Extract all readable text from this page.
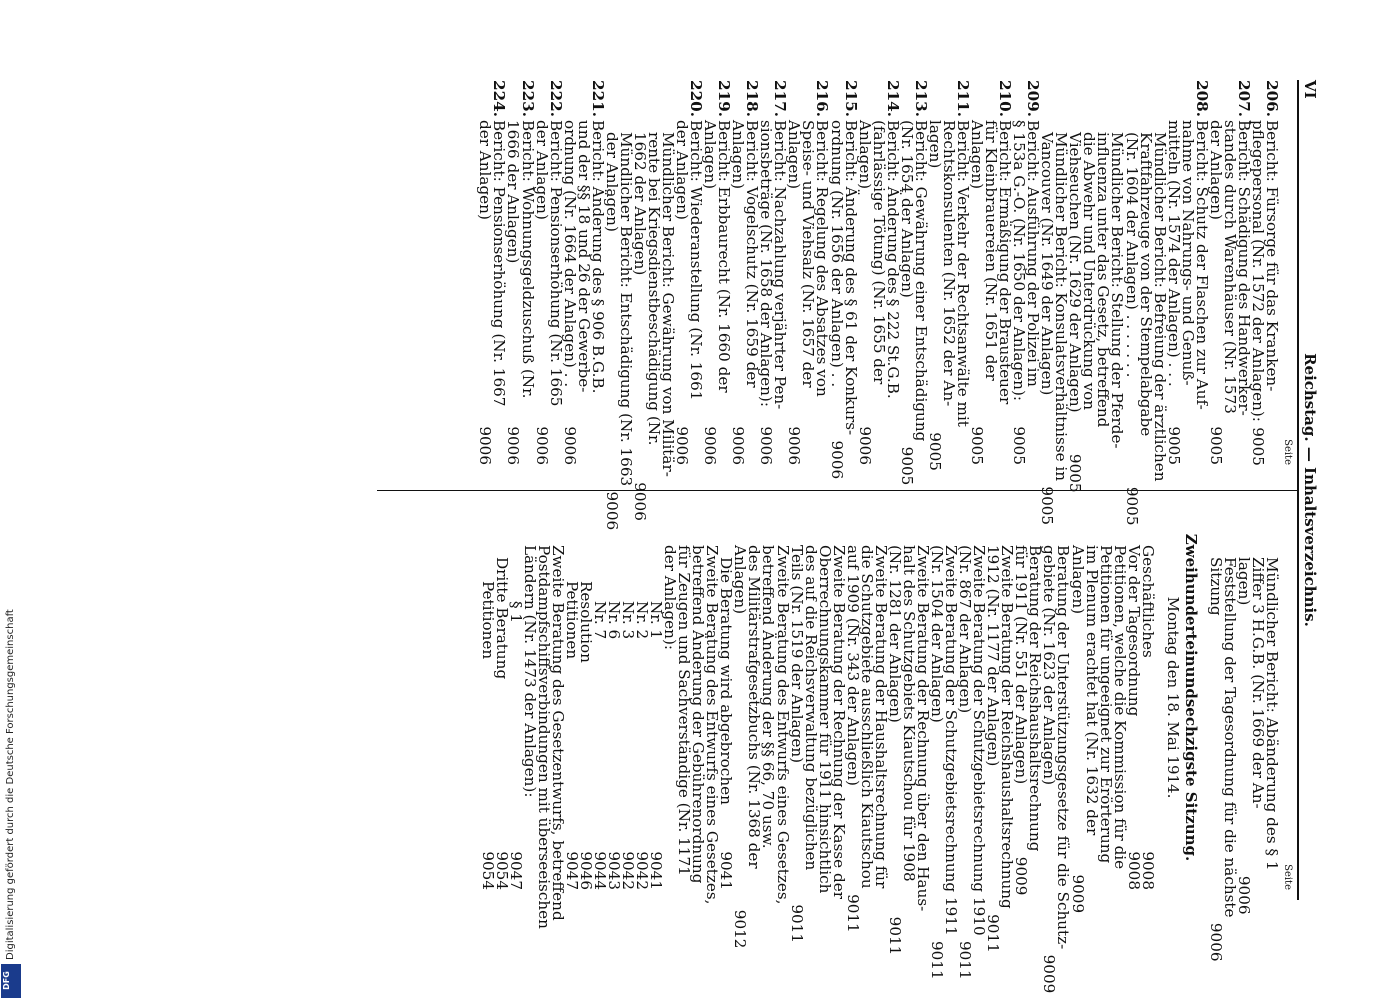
VI
Reichstag. — Inhaltsverzeichnis.
Seite
206.
Bericht: Fürsorge für das Kranken-
pflegepersonal (Nr. 1572 der Anlagen):
9005
207.
Bericht: Schädigung des Handwerker-
standes durch Warenhäuser (Nr. 1573
der Anlagen)
9005
208.
Bericht: Schutz der Flaschen zur Auf-
nahme von Nahrungs- und Genuß-
mitteln (Nr. 1574 der Anlagen) . . .
9005
Mündlicher Bericht: Befreiung der ärztlichen
Kraftfahrzeuge von der Stempelabgabe
(Nr. 1604 der Anlagen) . . . . . . .
9005
Mündlicher Bericht: Stellung der Pferde-
influenza unter das Gesetz, betreffend
die Abwehr und Unterdrückung von
Viehseuchen (Nr. 1629 der Anlagen)
9005
Mündlicher Bericht: Konsulatsverhältnisse in
Vancouver (Nr. 1649 der Anlagen)
9005
209.
Bericht: Ausführung der Polizei im
§ 153a G.-O. (Nr. 1650 der Anlagen):
9005
210.
Bericht: Ermäßigung der Brausteuer
für Kleinbrauereien (Nr. 1651 der
Anlagen)
9005
211.
Bericht: Verkehr der Rechtsanwälte mit
Rechtskonsulenten (Nr. 1652 der An-
lagen)
9005
213.
Bericht: Gewährung einer Entschädigung
(Nr. 1654 der Anlagen)
9005
214.
Bericht: Änderung des § 222 St.G.B.
(fahrlässige Tötung) (Nr. 1655 der
Anlagen)
9006
215.
Bericht: Änderung des § 61 der Konkurs-
ordnung (Nr. 1656 der Anlagen) . .
9006
216.
Bericht: Regelung des Absatzes von
Speise- und Viehsalz (Nr. 1657 der
Anlagen)
9006
217.
Bericht: Nachzahlung verjährter Pen-
sionsbeträge (Nr. 1658 der Anlagen):
9006
218.
Bericht: Vogelschutz (Nr. 1659 der
Anlagen)
9006
219.
Bericht: Erbbaurecht (Nr. 1660 der
Anlagen)
9006
220.
Bericht: Wiederanstellung (Nr. 1661
der Anlagen)
9006
Mündlicher Bericht: Gewährung von Militär-
rente bei Kriegsdienstbeschädigung (Nr.
1662 der Anlagen)
9006
Mündlicher Bericht: Entschädigung (Nr. 1663
der Anlagen)
9006
221.
Bericht: Änderung des § 906 B.G.B.
und der §§ 18 und 26 der Gewerbe-
ordnung (Nr. 1664 der Anlagen) . .
9006
222.
Bericht: Pensionserhöhung (Nr. 1665
der Anlagen)
9006
223.
Bericht: Wohnungsgeldzuschuß (Nr.
1666 der Anlagen)
9006
224.
Bericht: Pensionserhöhung (Nr. 1667
der Anlagen)
9006
Seite
Mündlicher Bericht: Abänderung des § 1
Ziffer 3 H.G.B. (Nr. 1669 der An-
lagen)
9006
Feststellung der Tagesordnung für die nächste
Sitzung
9006
Zweihunderteinundsechzigste Sitzung.
Montag den 18. Mai 1914.
Geschäftliches
9008
Vor der Tagesordnung
9008
Petitionen, welche die Kommission für die
Petitionen für ungeeignet zur Erörterung
im Plenum erachtet hat (Nr. 1632 der
Anlagen)
9009
Beratung der Unterstützungsgesetze für die Schutz-
gebiete (Nr. 1623 der Anlagen)
9009
Beratung der Reichshaushaltsrechnung
für 1911 (Nr. 551 der Anlagen)
9009
Zweite Beratung der Reichshaushaltsrechnung
1912 (Nr. 1177 der Anlagen)
9011
Zweite Beratung der Schutzgebietsrechnung 1910
(Nr. 867 der Anlagen)
9011
Zweite Beratung der Schutzgebietsrechnung 1911
(Nr. 1504 der Anlagen)
9011
Zweite Beratung der Rechnung über den Haus-
halt des Schutzgebiets Kiautschou für 1908
(Nr. 1281 der Anlagen)
9011
Zweite Beratung der Haushaltsrechnung für
die Schutzgebiete ausschließlich Kiautschou
auf 1909 (Nr. 343 der Anlagen)
9011
Zweite Beratung der Rechnung der Kasse der
Oberrechnungskammer für 1911 hinsichtlich
des auf die Reichsverwaltung bezüglichen
Teils (Nr. 1519 der Anlagen)
9011
Zweite Beratung des Entwurfs eines Gesetzes,
betreffend Änderung der §§ 66, 70 usw.
des Militärstrafgesetzbuchs (Nr. 1368 der
Anlagen)
9012
Die Beratung wird abgebrochen
9041
Zweite Beratung des Entwurfs eines Gesetzes,
betreffend Änderung der Gebührenordnung
für Zeugen und Sachverständige (Nr. 1171
der Anlagen):
Nr. 1
9041
Nr. 2
9042
Nr. 3
9042
Nr. 6
9043
Nr. 7
9044
Resolution
9046
Petitionen
9047
Zweite Beratung des Gesetzentwurfs, betreffend
Postdampfschiffsverbindungen mit überseeischen
Ländern (Nr. 1473 der Anlagen):
§ 1
9047
Dritte Beratung
9054
Petitionen
9054
Digitalisierung gefördert durch die Deutsche Forschungsgemeinschaft
DFG
